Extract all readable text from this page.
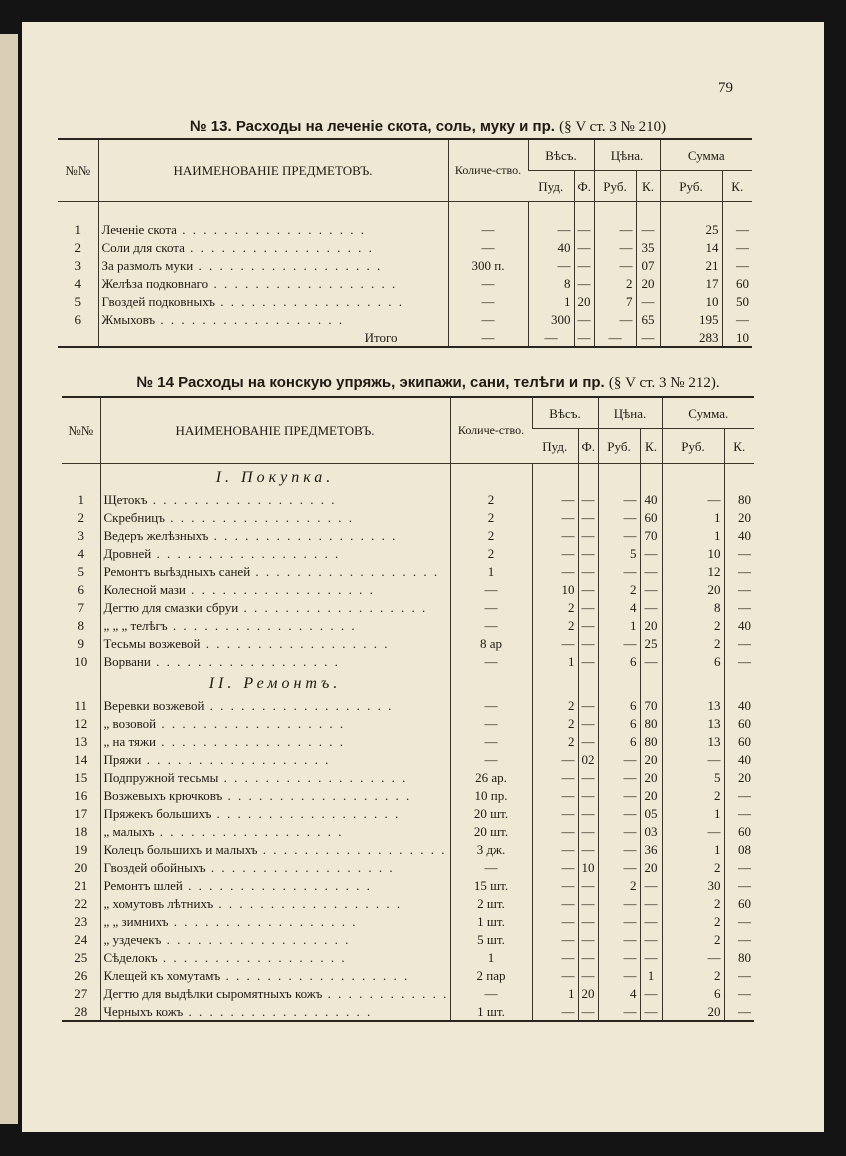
79
№ 13. Расходы на леченіе скота, соль, муку и пр. (§ V ст. 3 № 210)
№№	НАИМЕНОВАНІЕ ПРЕДМЕТОВЪ.	Количе-ство.	Вѣсъ.		Цѣна.		Сумма	
			Пуд.	Ф.	Руб.	К.	Руб.	К.

1	Леченіе скота . . .	—	—	—	—	—	25	—
2	Соли для скота . . .	—	40	—	—	35	14	—
3	За размолъ муки . . .	300 п.	—	—	—	07	21	—
4	Желѣза подковнаго . . .	—	8	—	2	20	17	60
5	Гвоздей подковныхъ . . .	—	1	20	7	—	10	50
6	Жмыховъ . . .	—	300	—	—	65	195	—
	Итого	—	—	—	—	—	283	10
№ 14 Расходы на конскую упряжь, экипажи, сани, телѣги и пр. (§ V ст. 3 № 212).
№№	НАИМЕНОВАНІЕ ПРЕДМЕТОВЪ.	Количе-ство.	Вѣсъ.		Цѣна.		Сумма.	
			Пуд.	Ф.	Руб.	К.	Руб.	К.
	I. Покупка.							
1	Щетокъ . . .	2	—	—	—	40	—	80
2	Скребницъ . . .	2	—	—	—	60	1	20
3	Ведеръ желѣзныхъ . . .	2	—	—	—	70	1	40
4	Дровней . . .	2	—	—	5	—	10	—
5	Ремонтъ выѣздныхъ саней . . .	1	—	—	—	—	12	—
6	Колесной мази . . .	—	10	—	2	—	20	—
7	Дегтю для смазки сбруи . . .	—	2	—	4	—	8	—
8	„ „ „ телѣгъ . . .	—	2	—	1	20	2	40
9	Тесьмы возжевой . . .	8 ар	—	—	—	25	2	—
10	Ворвани . . .	—	1	—	6	—	6	—
	II. Ремонтъ.							
11	Веревки возжевой . . .	—	2	—	6	70	13	40
12	„ возовой . . .	—	2	—	6	80	13	60
13	„ на тяжи . . .	—	2	—	6	80	13	60
14	Пряжи . . .	—	—	02	—	20	—	40
15	Подпружной тесьмы . . .	26 ар.	—	—	—	20	5	20
16	Возжевыхъ крючковъ . . .	10 пр.	—	—	—	20	2	—
17	Пряжекъ большихъ . . .	20 шт.	—	—	—	05	1	—
18	„ малыхъ . . .	20 шт.	—	—	—	03	—	60
19	Колецъ большихъ и малыхъ . . .	3 дж.	—	—	—	36	1	08
20	Гвоздей обойныхъ . . .	—	—	10	—	20	2	—
21	Ремонтъ шлей . . .	15 шт.	—	—	2	—	30	—
22	„ хомутовъ лѣтнихъ . . .	2 шт.	—	—	—	—	2	60
23	„ „ зимнихъ . . .	1 шт.	—	—	—	—	2	—
24	„ уздечекъ . . .	5 шт.	—	—	—	—	2	—
25	Сѣделокъ . . .	1	—	—	—	—	—	80
26	Клещей къ хомутамъ . . .	2 пар	—	—	—	1	2	—
27	Дегтю для выдѣлки сыромятныхъ кожъ . . .	—	1	20	4	—	6	—
28	Черныхъ кожъ . . .	1 шт.	—	—	—	—	20	—
